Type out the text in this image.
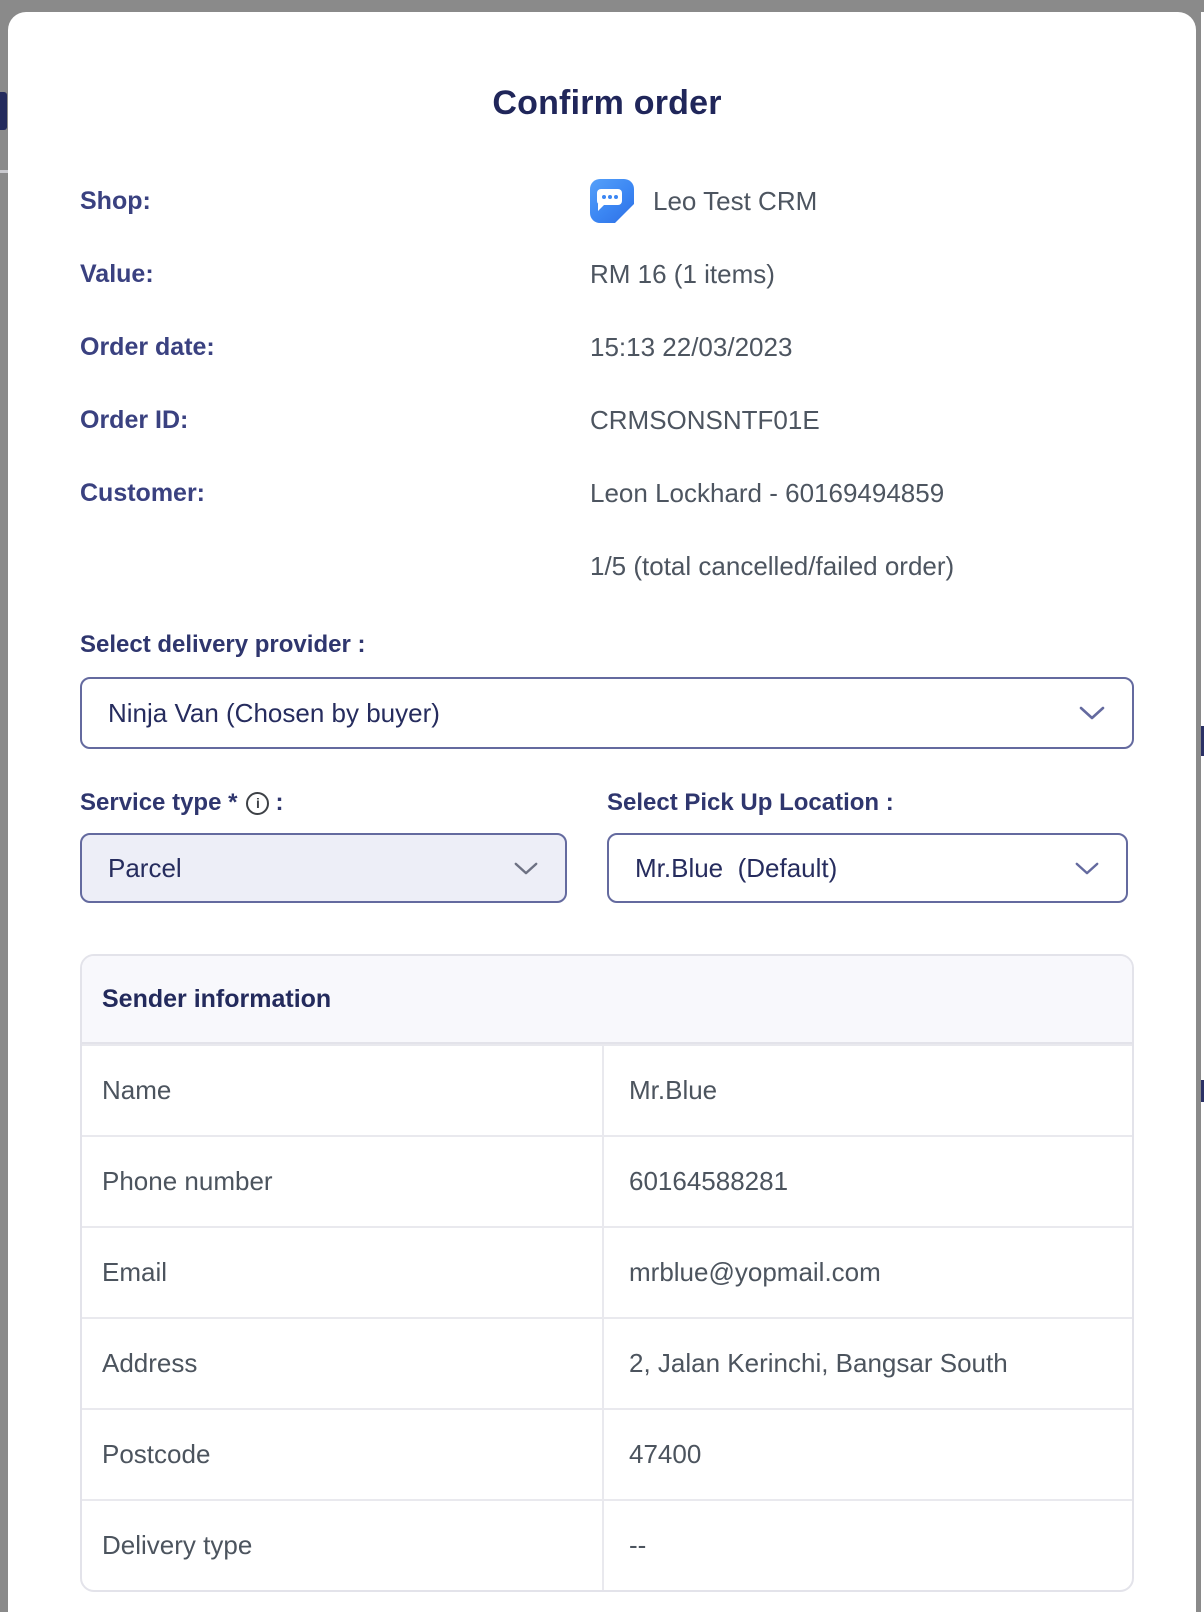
Confirm order
Shop:	Leo Test CRM
Value:	RM 16 (1 items)
Order date:	15:13 22/03/2023
Order ID:	CRMSONSNTF01E
Customer:	Leon Lockhard - 60169494859
1/5 (total cancelled/failed order)
Select delivery provider :
Ninja Van (Chosen by buyer)
Service type *	i :
Parcel
Select Pick Up Location :
Mr.Blue  (Default)
Sender information
Name	Mr.Blue
Phone number	60164588281
Email	mrblue@yopmail.com
Address	2, Jalan Kerinchi, Bangsar South
Postcode	47400
Delivery type	--
